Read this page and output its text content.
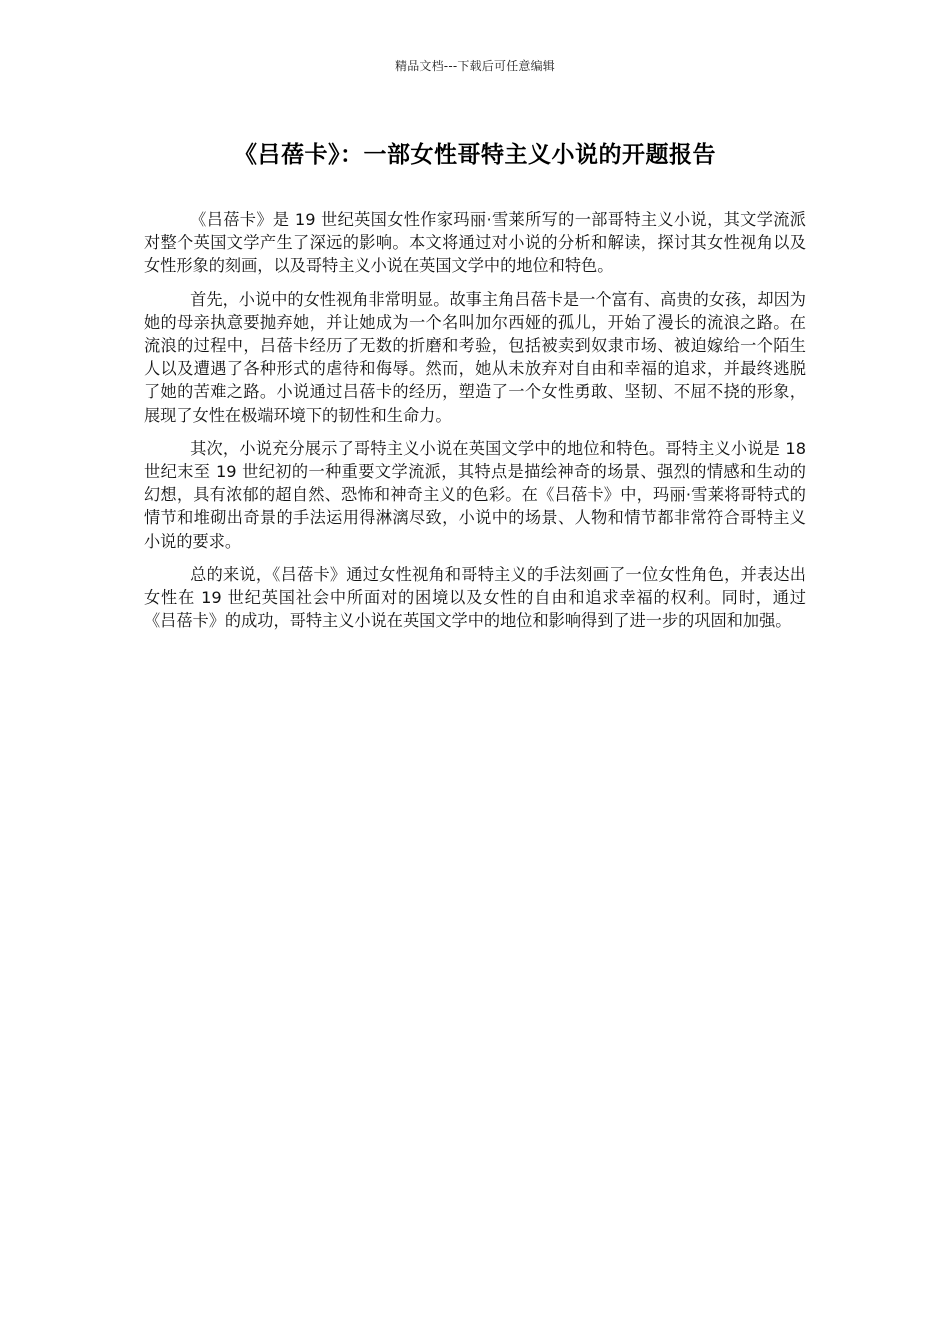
精品文档---下载后可任意编辑
《吕蓓卡》：一部女性哥特主义小说的开题报告

《吕蓓卡》是 19 世纪英国女性作家玛丽·雪莱所写的一部哥特主义小说，其文学流派对整个英国文学产生了深远的影响。本文将通过对小说的分析和解读，探讨其女性视角以及女性形象的刻画，以及哥特主义小说在英国文学中的地位和特色。

首先，小说中的女性视角非常明显。故事主角吕蓓卡是一个富有、高贵的女孩，却因为她的母亲执意要抛弃她，并让她成为一个名叫加尔西娅的孤儿，开始了漫长的流浪之路。在流浪的过程中，吕蓓卡经历了无数的折磨和考验，包括被卖到奴隶市场、被迫嫁给一个陌生人以及遭遇了各种形式的虐待和侮辱。然而，她从未放弃对自由和幸福的追求，并最终逃脱了她的苦难之路。小说通过吕蓓卡的经历，塑造了一个女性勇敢、坚韧、不屈不挠的形象，展现了女性在极端环境下的韧性和生命力。

其次，小说充分展示了哥特主义小说在英国文学中的地位和特色。哥特主义小说是 18 世纪末至 19 世纪初的一种重要文学流派，其特点是描绘神奇的场景、强烈的情感和生动的幻想，具有浓郁的超自然、恐怖和神奇主义的色彩。在《吕蓓卡》中，玛丽·雪莱将哥特式的情节和堆砌出奇景的手法运用得淋漓尽致，小说中的场景、人物和情节都非常符合哥特主义小说的要求。

总的来说，《吕蓓卡》通过女性视角和哥特主义的手法刻画了一位女性角色，并表达出女性在 19 世纪英国社会中所面对的困境以及女性的自由和追求幸福的权利。同时，通过《吕蓓卡》的成功，哥特主义小说在英国文学中的地位和影响得到了进一步的巩固和加强。
